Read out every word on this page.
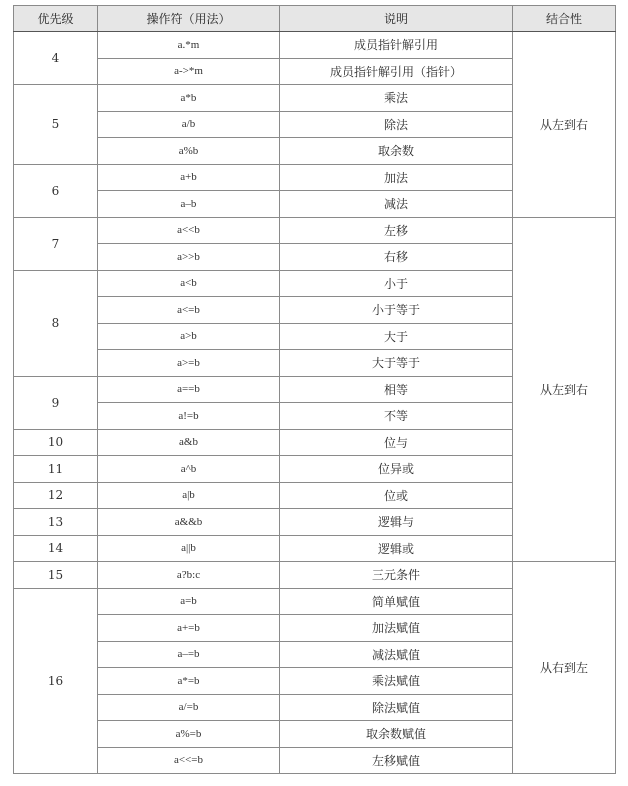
优先级	操作符（用法）	说明	结合性
4	a.*m	成员指针解引用	从左到右
	a->*m	成员指针解引用（指针）	
5	a*b	乘法	
	a/b	除法	
	a%b	取余数	
6	a+b	加法	
	a–b	减法	
7	a<<b	左移	从左到右
	a>>b	右移	
8	a<b	小于	
	a<=b	小于等于	
	a>b	大于	
	a>=b	大于等于	
9	a==b	相等	
	a!=b	不等	
10	a&b	位与	
11	a^b	位异或	
12	a|b	位或	
13	a&&b	逻辑与	
14	a||b	逻辑或	
15	a?b:c	三元条件	从右到左
16	a=b	简单赋值	
	a+=b	加法赋值	
	a–=b	减法赋值	
	a*=b	乘法赋值	
	a/=b	除法赋值	
	a%=b	取余数赋值	
	a<<=b	左移赋值	
